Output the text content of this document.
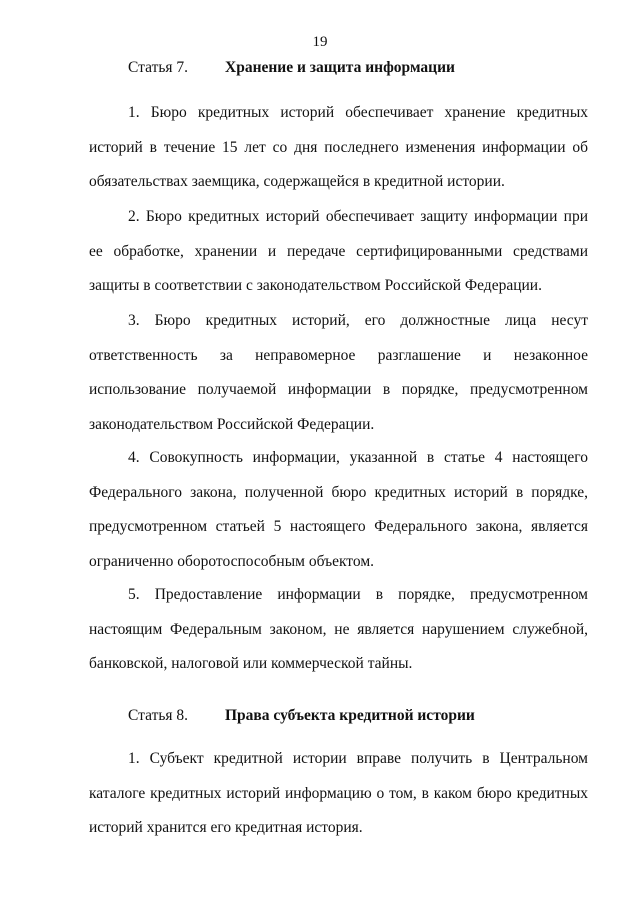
19
Статья 7. Хранение и защита информации

1. Бюро кредитных историй обеспечивает хранение кредитных историй в течение 15 лет со дня последнего изменения информации об обязательствах заемщика, содержащейся в кредитной истории.

2. Бюро кредитных историй обеспечивает защиту информации при ее обработке, хранении и передаче сертифицированными средствами защиты в соответствии с законодательством Российской Федерации.

3. Бюро кредитных историй, его должностные лица несут ответственность за неправомерное разглашение и незаконное использование получаемой информации в порядке, предусмотренном законодательством Российской Федерации.

4. Совокупность информации, указанной в статье 4 настоящего Федерального закона, полученной бюро кредитных историй в порядке, предусмотренном статьей 5 настоящего Федерального закона, является ограниченно оборотоспособным объектом.

5. Предоставление информации в порядке, предусмотренном настоящим Федеральным законом, не является нарушением служебной, банковской, налоговой или коммерческой тайны.

Статья 8. Права субъекта кредитной истории

1. Субъект кредитной истории вправе получить в Центральном каталоге кредитных историй информацию о том, в каком бюро кредитных историй хранится его кредитная история.
